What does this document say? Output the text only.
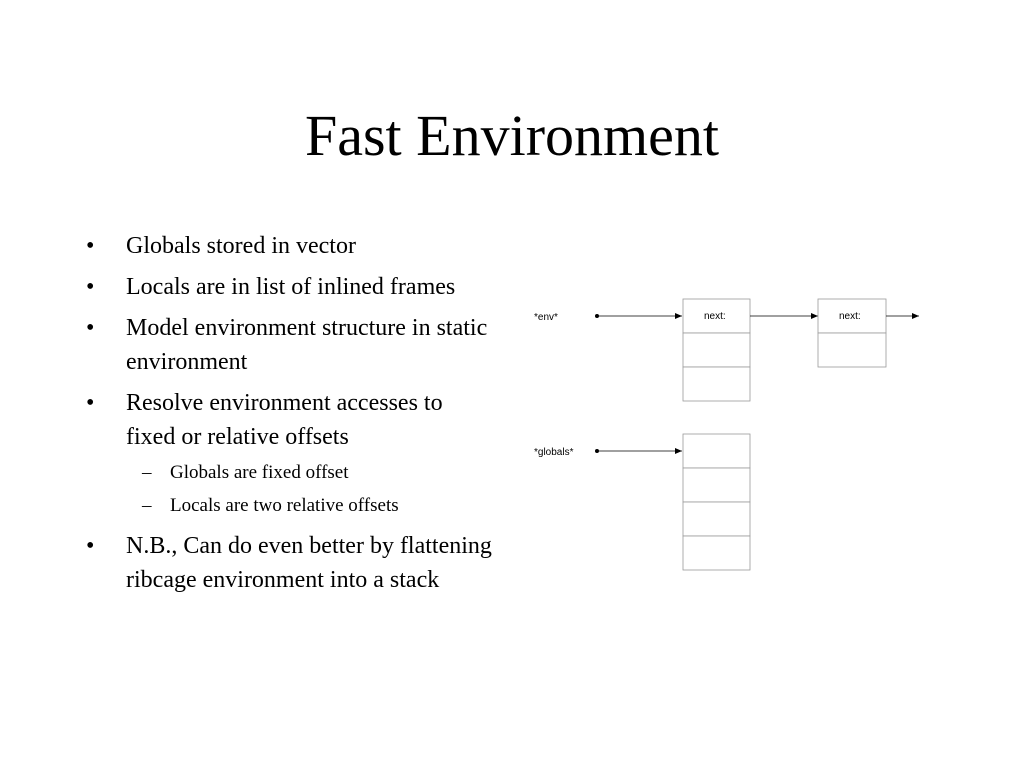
Fast Environment
• Globals stored in vector
• Locals are in list of inlined frames
• Model environment structure in static environment
• Resolve environment accesses to fixed or relative offsets
– Globals are fixed offset
– Locals are two relative offsets
• N.B., Can do even better by flattening ribcage environment into a stack
*env*	next:	next:
*globals*
